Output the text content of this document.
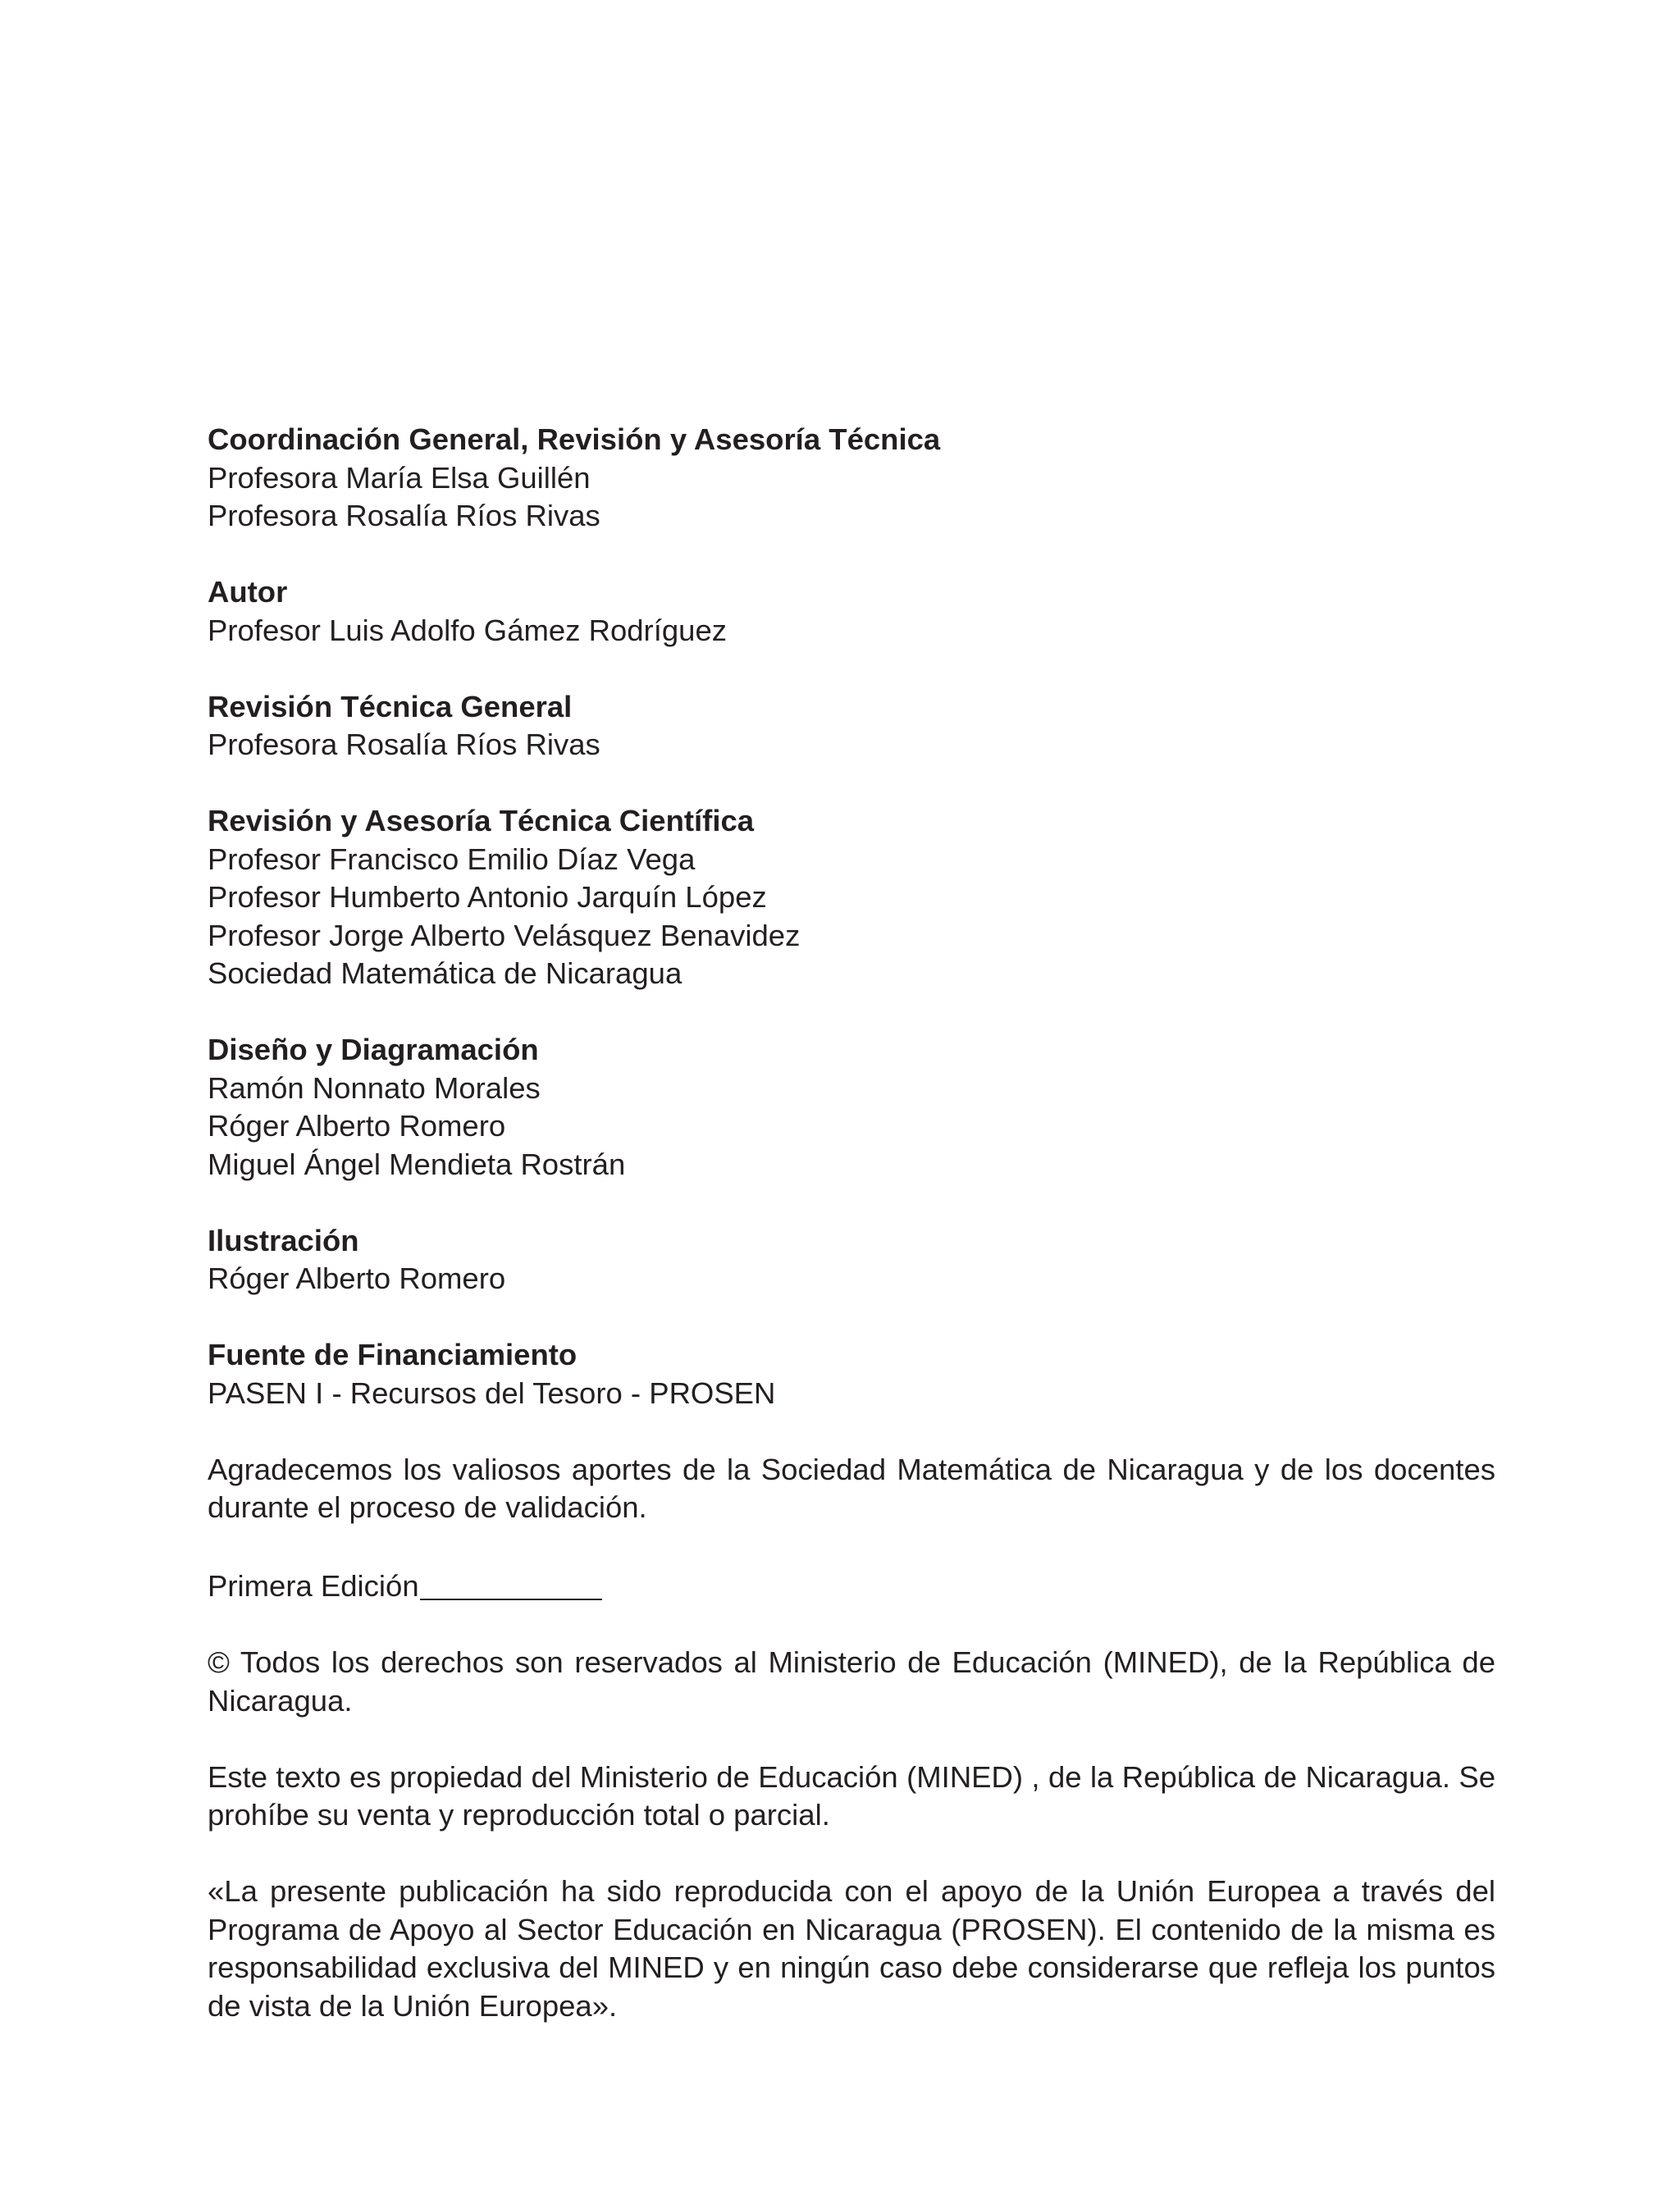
Coordinación General, Revisión y Asesoría Técnica
Profesora María Elsa Guillén
Profesora Rosalía Ríos Rivas
Autor
Profesor Luis Adolfo Gámez Rodríguez
Revisión Técnica General
Profesora Rosalía Ríos Rivas
Revisión y Asesoría Técnica Científica
Profesor Francisco Emilio Díaz Vega
Profesor Humberto Antonio Jarquín López
Profesor Jorge Alberto Velásquez Benavidez
Sociedad Matemática de Nicaragua
Diseño y Diagramación
Ramón Nonnato Morales
Róger Alberto Romero
Miguel Ángel Mendieta Rostrán
Ilustración
Róger Alberto Romero
Fuente de Financiamiento
PASEN I - Recursos del Tesoro - PROSEN

Agradecemos los valiosos aportes de la Sociedad Matemática de Nicaragua y de los docentes durante el proceso de validación.

Primera Edición

© Todos los derechos son reservados al Ministerio de Educación (MINED), de la República de Nicaragua.

Este texto es propiedad del Ministerio de Educación (MINED) , de la República de Nicaragua. Se prohíbe su venta y reproducción total o parcial.

«La presente publicación ha sido reproducida con el apoyo de la Unión Europea a través del Programa de Apoyo al Sector Educación en Nicaragua (PROSEN). El contenido de la misma es responsabilidad exclusiva del MINED y en ningún caso debe considerarse que refleja los puntos de vista de la Unión Europea».
